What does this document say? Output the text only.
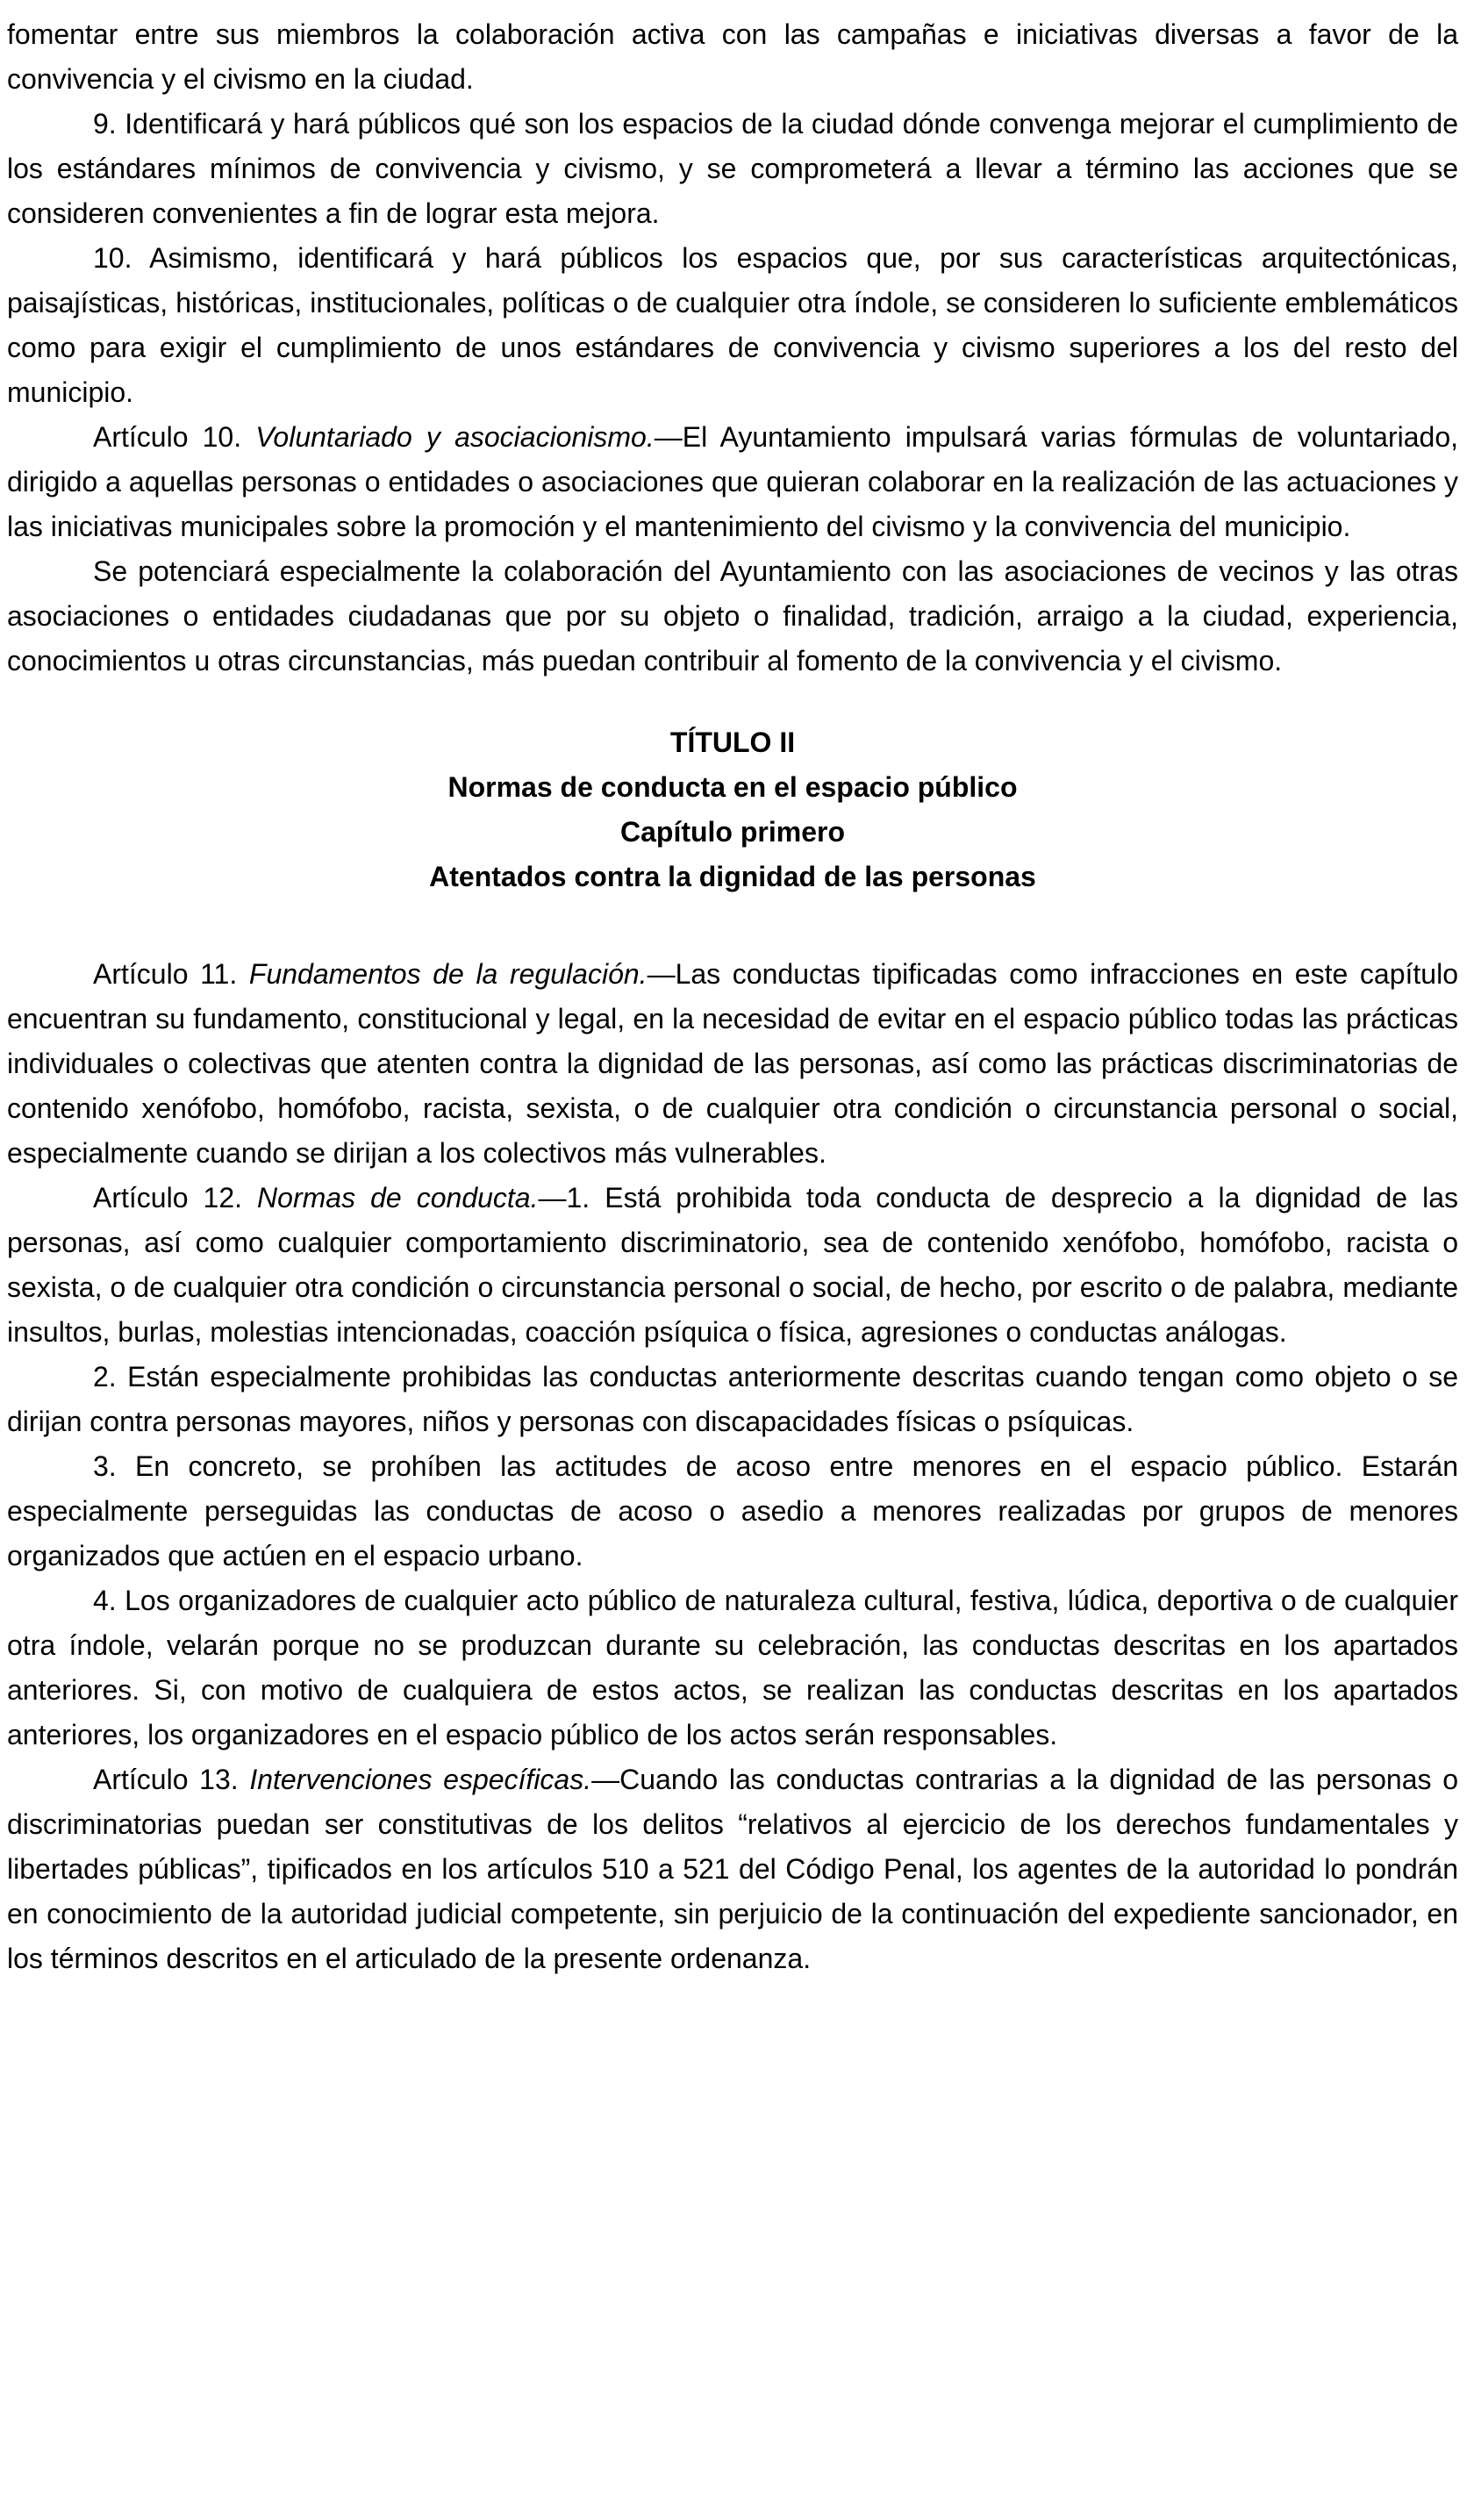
fomentar entre sus miembros la colaboración activa con las campañas e iniciativas diversas a favor de la convivencia y el civismo en la ciudad.

9. Identificará y hará públicos qué son los espacios de la ciudad dónde convenga mejorar el cumplimiento de los estándares mínimos de convivencia y civismo, y se comprometerá a llevar a término las acciones que se consideren convenientes a fin de lograr esta mejora.

10. Asimismo, identificará y hará públicos los espacios que, por sus características arquitectónicas, paisajísticas, históricas, institucionales, políticas o de cualquier otra índole, se consideren lo suficiente emblemáticos como para exigir el cumplimiento de unos estándares de convivencia y civismo superiores a los del resto del municipio.

Artículo 10. Voluntariado y asociacionismo.—El Ayuntamiento impulsará varias fórmulas de voluntariado, dirigido a aquellas personas o entidades o asociaciones que quieran colaborar en la realización de las actuaciones y las iniciativas municipales sobre la promoción y el mantenimiento del civismo y la convivencia del municipio.

Se potenciará especialmente la colaboración del Ayuntamiento con las asociaciones de vecinos y las otras asociaciones o entidades ciudadanas que por su objeto o finalidad, tradición, arraigo a la ciudad, experiencia, conocimientos u otras circunstancias, más puedan contribuir al fomento de la convivencia y el civismo.

TÍTULO II
Normas de conducta en el espacio público
Capítulo primero
Atentados contra la dignidad de las personas

Artículo 11. Fundamentos de la regulación.—Las conductas tipificadas como infracciones en este capítulo encuentran su fundamento, constitucional y legal, en la necesidad de evitar en el espacio público todas las prácticas individuales o colectivas que atenten contra la dignidad de las personas, así como las prácticas discriminatorias de contenido xenófobo, homófobo, racista, sexista, o de cualquier otra condición o circunstancia personal o social, especialmente cuando se dirijan a los colectivos más vulnerables.

Artículo 12. Normas de conducta.—1. Está prohibida toda conducta de desprecio a la dignidad de las personas, así como cualquier comportamiento discriminatorio, sea de contenido xenófobo, homófobo, racista o sexista, o de cualquier otra condición o circunstancia personal o social, de hecho, por escrito o de palabra, mediante insultos, burlas, molestias intencionadas, coacción psíquica o física, agresiones o conductas análogas.

2. Están especialmente prohibidas las conductas anteriormente descritas cuando tengan como objeto o se dirijan contra personas mayores, niños y personas con discapacidades físicas o psíquicas.

3. En concreto, se prohíben las actitudes de acoso entre menores en el espacio público. Estarán especialmente perseguidas las conductas de acoso o asedio a menores realizadas por grupos de menores organizados que actúen en el espacio urbano.

4. Los organizadores de cualquier acto público de naturaleza cultural, festiva, lúdica, deportiva o de cualquier otra índole, velarán porque no se produzcan durante su celebración, las conductas descritas en los apartados anteriores. Si, con motivo de cualquiera de estos actos, se realizan las conductas descritas en los apartados anteriores, los organizadores en el espacio público de los actos serán responsables.

Artículo 13. Intervenciones específicas.—Cuando las conductas contrarias a la dignidad de las personas o discriminatorias puedan ser constitutivas de los delitos “relativos al ejercicio de los derechos fundamentales y libertades públicas”, tipificados en los artículos 510 a 521 del Código Penal, los agentes de la autoridad lo pondrán en conocimiento de la autoridad judicial competente, sin perjuicio de la continuación del expediente sancionador, en los términos descritos en el articulado de la presente ordenanza.
